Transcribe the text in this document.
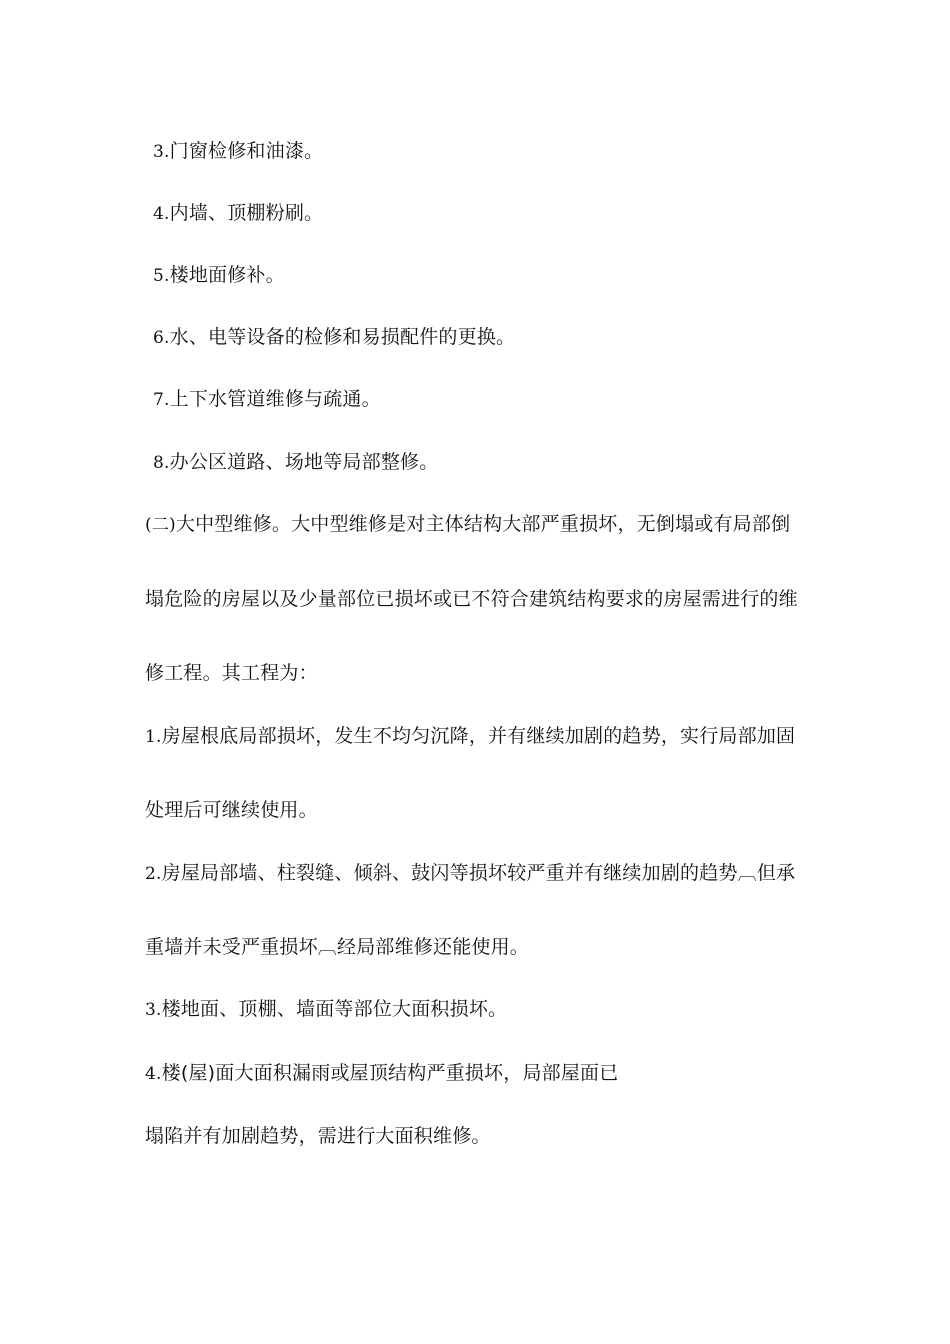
3.门窗检修和油漆。
4.内墙、顶棚粉刷。
5.楼地面修补。
6.水、电等设备的检修和易损配件的更换。
7.上下水管道维修与疏通。
8.办公区道路、场地等局部整修。
(二)大中型维修。大中型维修是对主体结构大部严重损坏，无倒塌或有局部倒
塌危险的房屋以及少量部位已损坏或已不符合建筑结构要求的房屋需进行的维
修工程。其工程为：
1.房屋根底局部损坏，发生不均匀沉降，并有继续加剧的趋势，实行局部加固
处理后可继续使用。
2.房屋局部墙、柱裂缝、倾斜、鼓闪等损坏较严重并有继续加剧的趋势︹但承
重墙并未受严重损坏︹经局部维修还能使用。
3.楼地面、顶棚、墙面等部位大面积损坏。
4.楼(屋)面大面积漏雨或屋顶结构严重损坏，局部屋面已
塌陷并有加剧趋势，需进行大面积维修。
